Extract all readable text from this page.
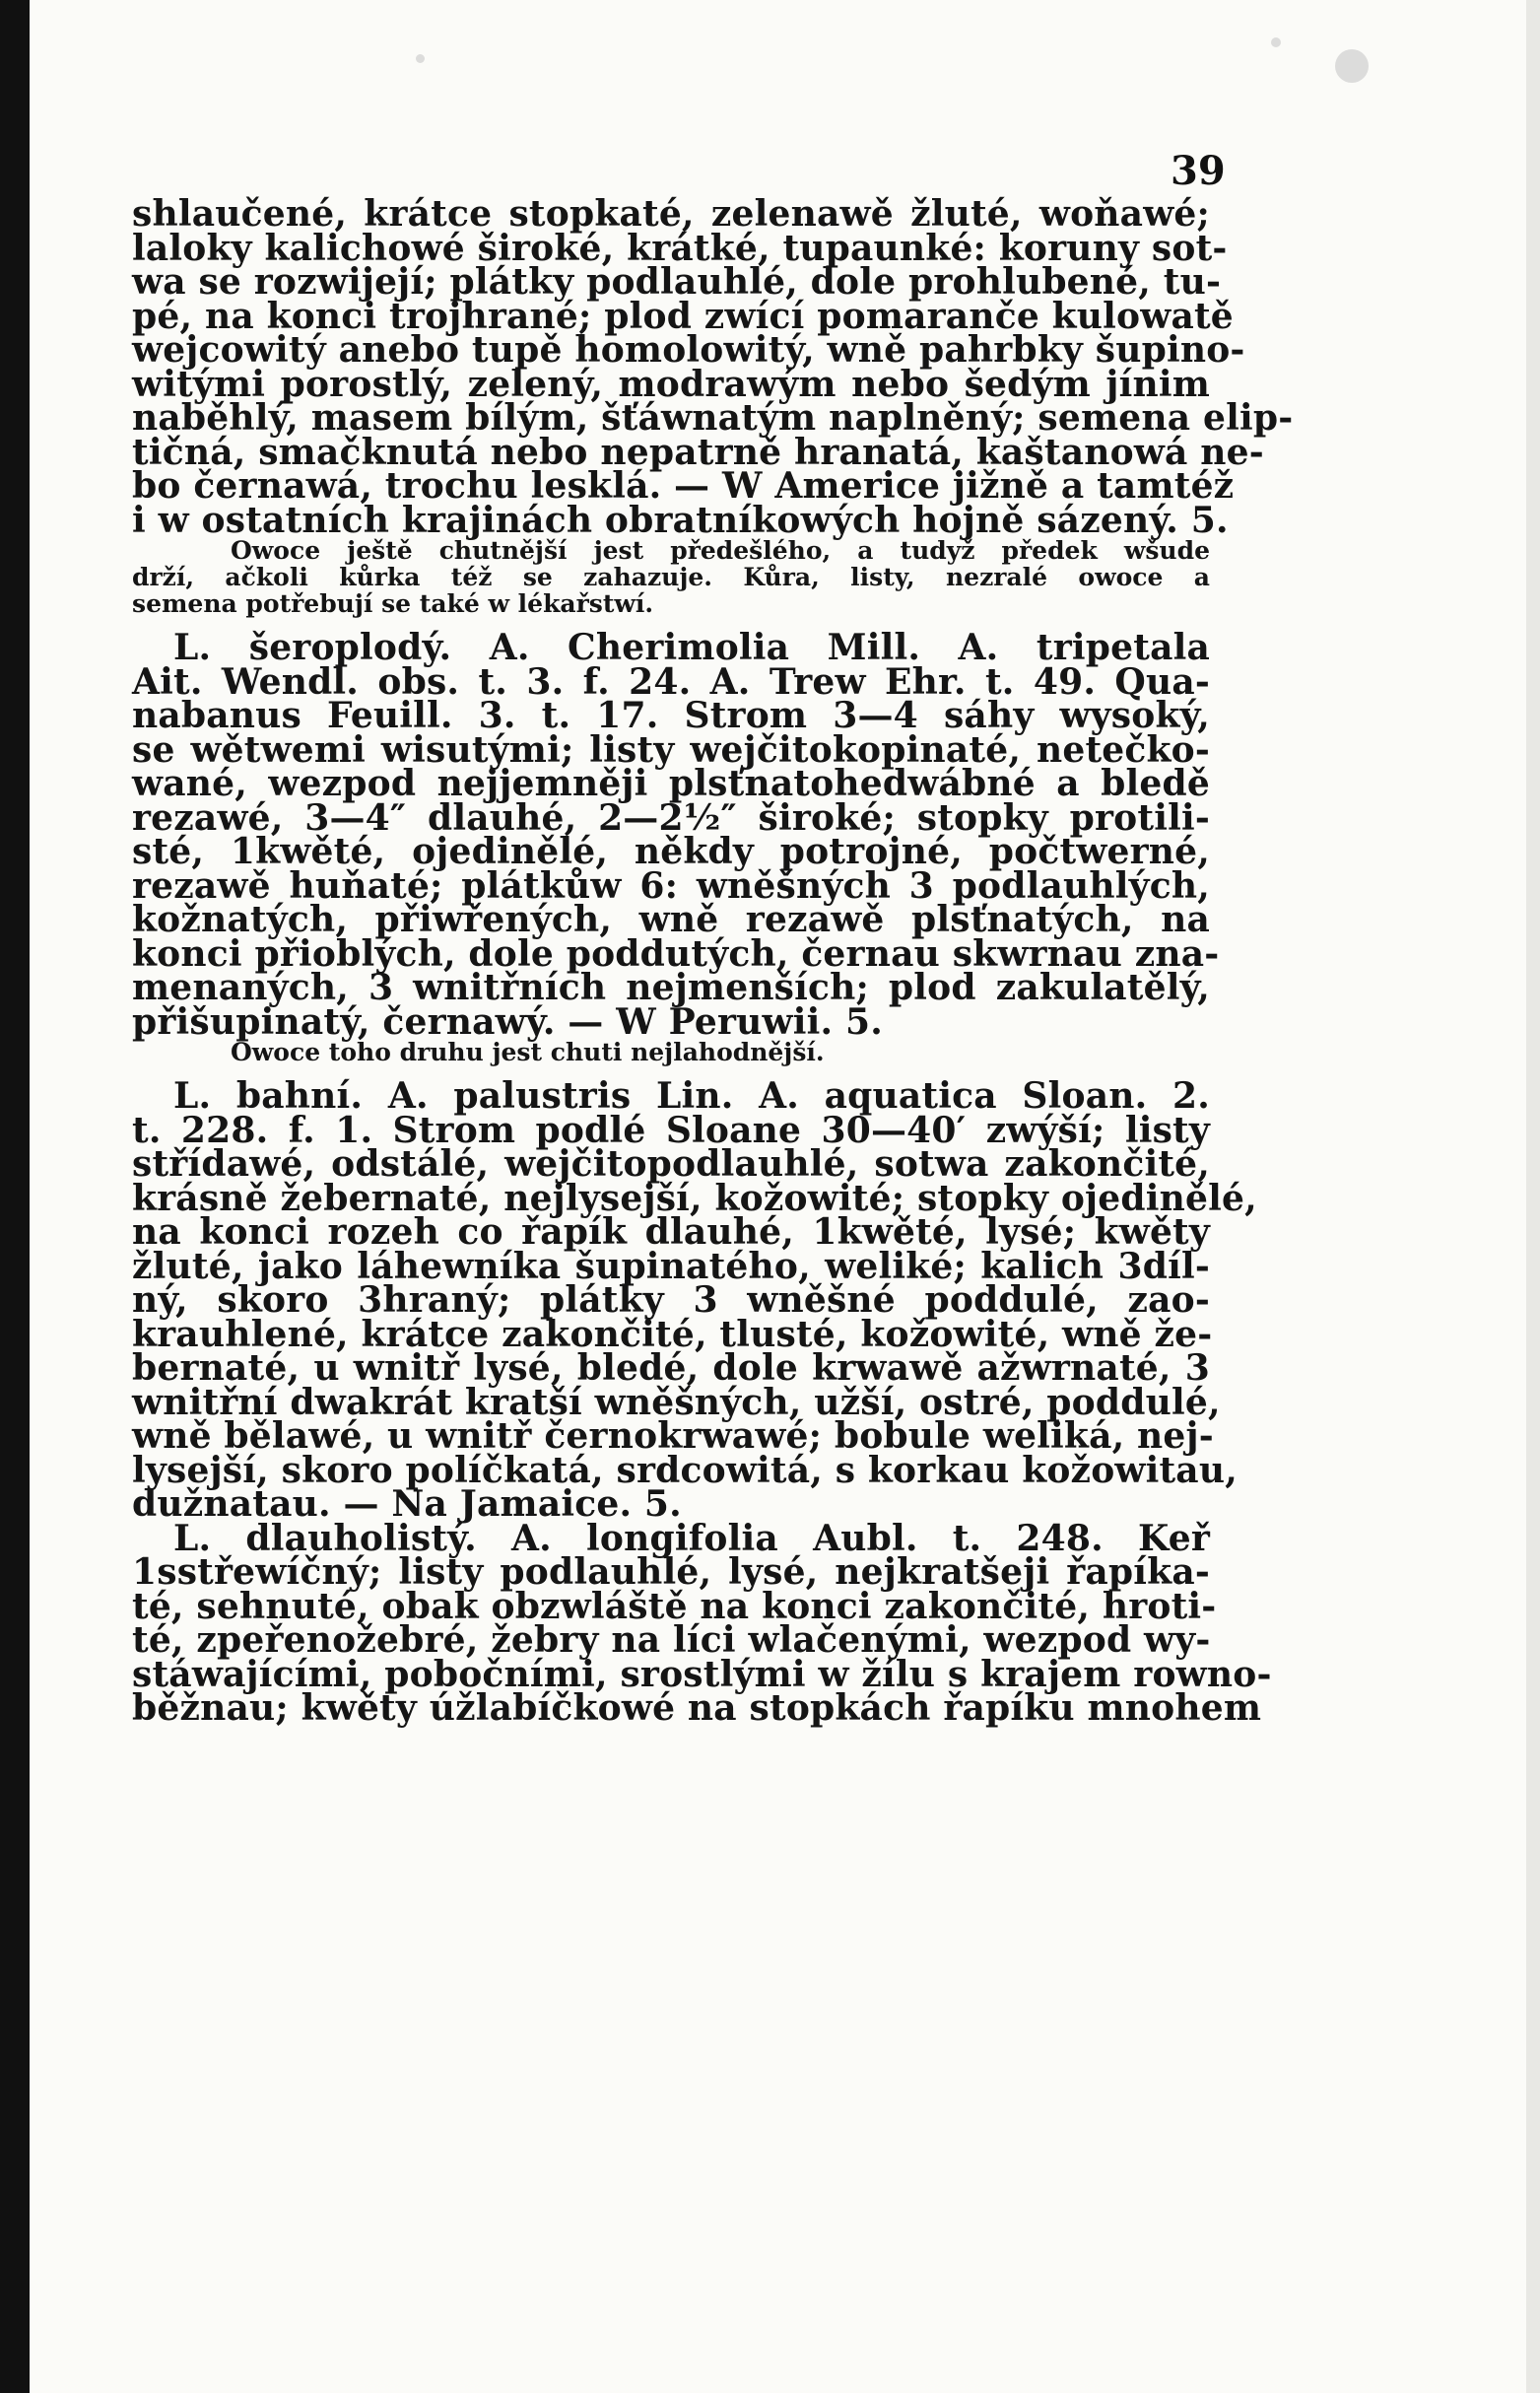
39
shlaučené, krátce stopkaté, zelenawě žluté, woňawé;
laloky kalichowé široké, krátké, tupaunké: koruny sot-
wa se rozwijejí; plátky podlauhlé, dole prohlubené, tu-
pé, na konci trojhrané; plod zwící pomaranče kulowatě
wejcowitý anebo tupě homolowitý, wně pahrbky šupino-
witými porostlý, zelený, modrawým nebo šedým jínim
naběhlý, masem bílým, šťáwnatým naplněný; semena elip-
tičná, smačknutá nebo nepatrně hranatá, kaštanowá ne-
bo černawá, trochu lesklá. — W Americe jižně a tamtéž
i w ostatních krajinách obratníkowých hojně sázený. 5.
Owoce ještě chutnější jest předešlého, a tudyž předek wšude
drží, ačkoli kůrka též se zahazuje. Kůra, listy, nezralé owoce a
semena potřebují se také w lékařstwí.
L. šeroplodý. A. Cherimolia Mill. A. tripetala
Ait. Wendl. obs. t. 3. f. 24. A. Trew Ehr. t. 49. Qua-
nabanus Feuill. 3. t. 17. Strom 3—4 sáhy wysoký,
se wětwemi wisutými; listy wejčitokopinaté, netečko-
wané, wezpod nejjemněji plsťnatohedwábné a bledě
rezawé, 3—4″ dlauhé, 2—2½″ široké; stopky protili-
sté, 1kwěté, ojedinělé, někdy potrojné, počtwerné,
rezawě huňaté; plátkůw 6: wněšných 3 podlauhlých,
kožnatých, přiwřených, wně rezawě plsťnatých, na
konci přioblých, dole poddutých, černau skwrnau zna-
menaných, 3 wnitřních nejmenších; plod zakulatělý,
přišupinatý, černawý. — W Peruwii. 5.
Owoce toho druhu jest chuti nejlahodnější.
L. bahní. A. palustris Lin. A. aquatica Sloan. 2.
t. 228. f. 1. Strom podlé Sloane 30—40′ zwýší; listy
střídawé, odstálé, wejčitopodlauhlé, sotwa zakončité,
krásně žebernaté, nejlysejší, kožowité; stopky ojedinělé,
na konci rozeh co řapík dlauhé, 1kwěté, lysé; kwěty
žluté, jako láhewníka šupinatého, weliké; kalich 3díl-
ný, skoro 3hraný; plátky 3 wněšné poddulé, zao-
krauhlené, krátce zakončité, tlusté, kožowité, wně že-
bernaté, u wnitř lysé, bledé, dole krwawě ažwrnaté, 3
wnitřní dwakrát kratší wněšných, užší, ostré, poddulé,
wně bělawé, u wnitř černokrwawé; bobule weliká, nej-
lysejší, skoro políčkatá, srdcowitá, s korkau kožowitau,
dužnatau. — Na Jamaice. 5.
L. dlauholistý. A. longifolia Aubl. t. 248. Keř
1sstřewíčný; listy podlauhlé, lysé, nejkratšeji řapíka-
té, sehnuté, obak obzwláště na konci zakončité, hroti-
té, zpeřenožebré, žebry na líci wlačenými, wezpod wy-
stáwajícími, pobočními, srostlými w žílu s krajem rowno-
běžnau; kwěty úžlabíčkowé na stopkách řapíku mnohem
